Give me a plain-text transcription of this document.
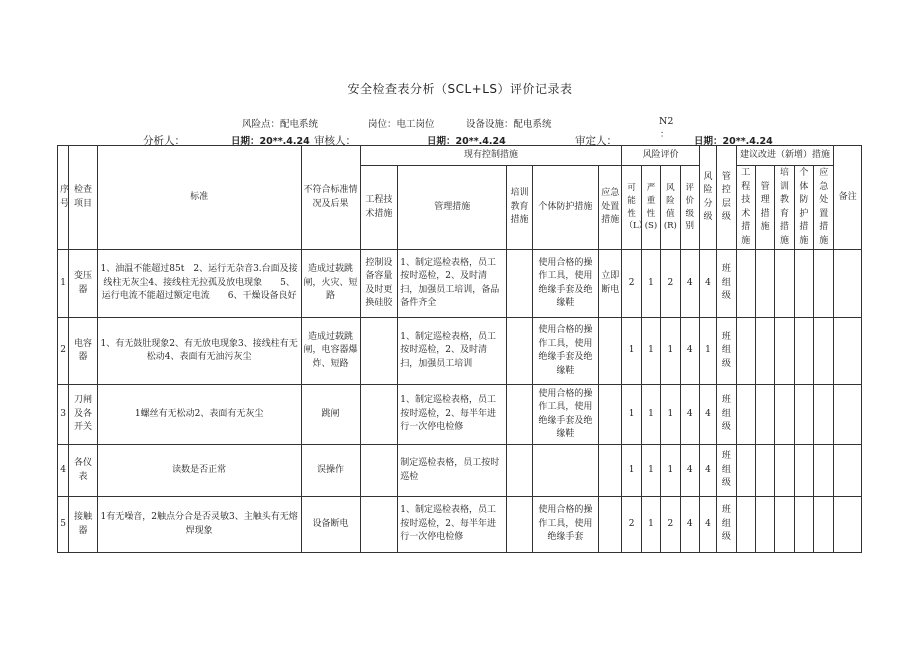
安全检查表分析（SCL+LS）评价记录表
风险点：配电系统	岗位：电工岗位	设备设施：配电系统	N2
分析人：	日期：20**.4.24 审核人：	日期：20**.4.24	审定人：	：
日期：20**.4.24
序号	检查项目	标准	不符合标准情况及后果	现有控制措施					风险评价				风险分级	管控层级	建议改进（新增）措施					备注
				工程技术措施	管理措施	培训教育措施	个体防护措施	应急处置措施	可能性（L）	严重性(S)	风险值(R)	评价级别			工程技术措施	管理措施	培训教育措施	个体防护措施	应急处置措施	
1	变压器	1、油温不能超过85t　2、运行无杂音3.台面及接线柱无灰尘4、接线柱无拉孤及放电现象　　5、运行电流不能超过额定电流　　6、干燥设备良好	造成过载跳闸，火灾、短路	控制设备容量及时更换硅胶	1、制定巡检表格，员工按时巡检，2、及时清扫，加强员工培训，备品备件齐全		使用合格的操作工具，使用绝缘手套及绝缘鞋	立即断电	2	1	2	4	4	班组级						
2	电容器	1、有无鼓肚现象2、有无放电现象3、接线柱有无松动4、表面有无油污灰尘	造成过载跳闸，电容器爆炸、短路		1、制定巡检表格，员工按时巡检，2、及时清扫，加强员工培训		使用合格的操作工具，使用绝缘手套及绝缘鞋		1	1	1	4	1	班组级						
3	刀闸及各开关	1螺丝有无松动2、表面有无灰尘	跳闸		1、制定巡检表格，员工按时巡检，2、每半年进行一次停电检修		使用合格的操作工具，使用绝缘手套及绝缘鞋		1	1	1	4	4	班组级						
4	各仪表	读数是否正常	误操作		制定巡检表格，员工按时巡检				1	1	1	4	4	班组级						
5	接触器	1有无噪音，2触点分合是否灵敏3、主触头有无熔焊现象	设备断电		1、制定巡检表格，员工按时巡检，2、每半年进行一次停电检修		使用合格的操作工具，使用绝缘手套		2	1	2	4	4	班组级						
